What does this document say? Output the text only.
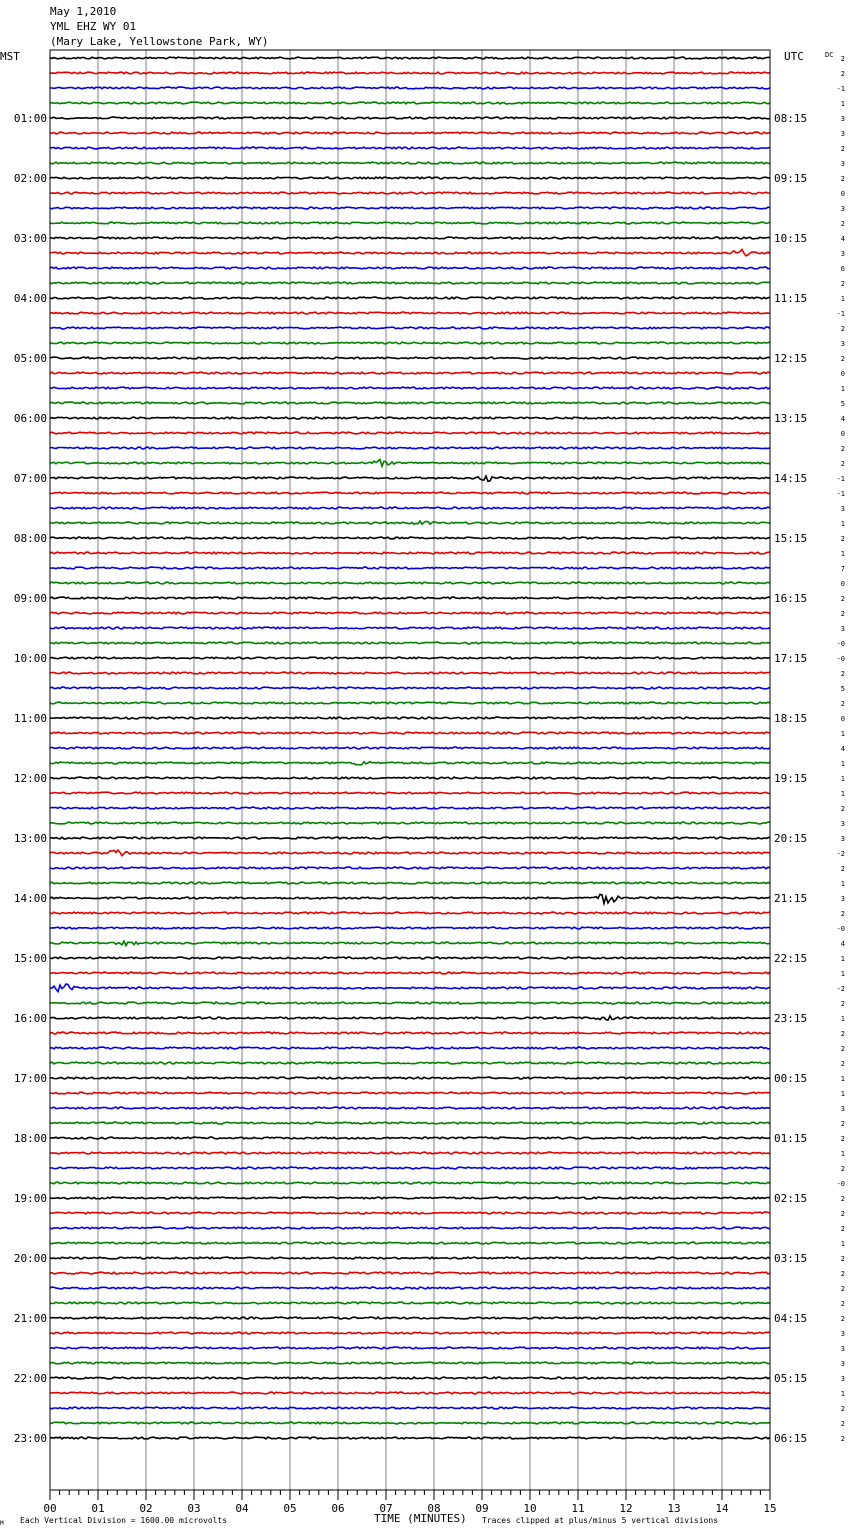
May 1,2010
YML EHZ WY 01
(Mary Lake, Yellowstone Park, WY)
00	01	02	03	04	05	06	07	08	09	10	11	12	13	14	15
01:00
02:00
03:00
04:00
05:00
06:00
07:00
08:00
09:00
10:00
11:00
12:00
13:00
14:00
15:00
16:00
17:00
18:00
19:00
20:00
21:00
22:00
23:00
08:15
09:15
10:15
11:15
12:15
13:15
14:15
15:15
16:15
17:15
18:15
19:15
20:15
21:15
22:15
23:15
00:15
01:15
02:15
03:15
04:15
05:15
06:15
2
2
-1
1
3
3
2
3
2
0
3
2
4
3
6
2
1
-1
2
3
2
0
1
5
4
0
2
2
-1
-1
3
1
2
1
7
0
2
2
3
-0
-0
2
5
2
0
1
4
1
1
1
2
3
3
-2
2
1
3
2
-0
4
1
1
-2
2
1
2
2
2
1
1
3
2
2
1
2
-0
2
2
2
1
2
2
2
2
2
3
3
3
3
1
2
2
2
MST	UTC	DC
TIME (MINUTES)
Each Vertical Division = 1600.00 microvolts	Traces clipped at plus/minus 5 vertical divisions
M
